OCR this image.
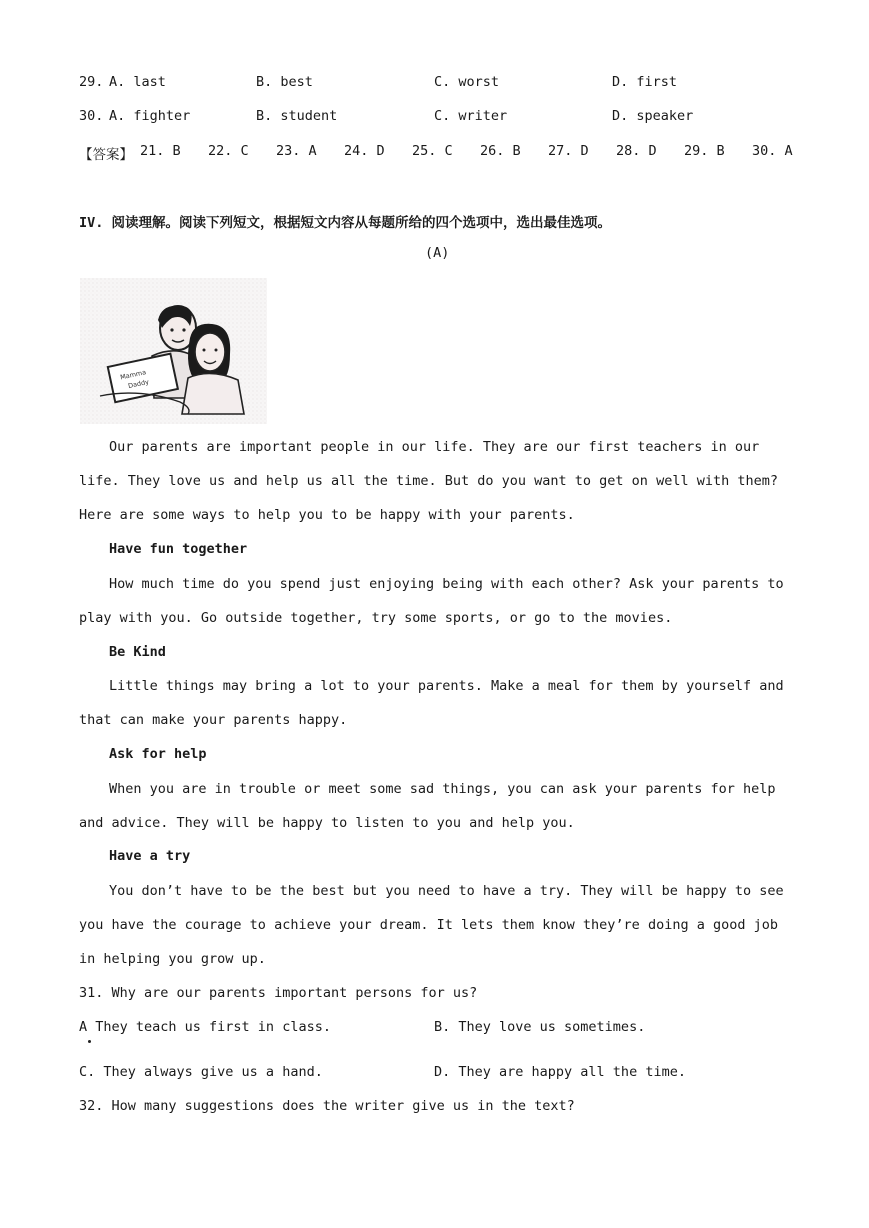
29. A. last	B. best	C. worst	D. first
30. A. fighter	B. student	C. writer	D. speaker
【答案】 21. B 22. C 23. A 24. D 25. C 26. B 27. D 28. D 29. B 30. A
IV. 阅读理解。阅读下列短文，根据短文内容从每题所给的四个选项中，选出最佳选项。
(A)
Mamma
Daddy
Our parents are important people in our life. They are our first teachers in our life. They love us and help us all the time. But do you want to get on well with them? Here are some ways to help you to be happy with your parents.
Have fun together
How much time do you spend just enjoying being with each other? Ask your parents to play with you. Go outside together, try some sports, or go to the movies.
Be Kind
Little things may bring a lot to your parents. Make a meal for them by yourself and that can make your parents happy.
Ask for help
When you are in trouble or meet some sad things, you can ask your parents for help and advice. They will be happy to listen to you and help you.
Have a try
You don’t have to be the best but you need to have a try. They will be happy to see you have the courage to achieve your dream. It lets them know they’re doing a good job in helping you grow up.
31. Why are our parents important persons for us?
A They teach us first in class.	B. They love us sometimes.
C. They always give us a hand.	D. They are happy all the time.
32. How many suggestions does the writer give us in the text?
